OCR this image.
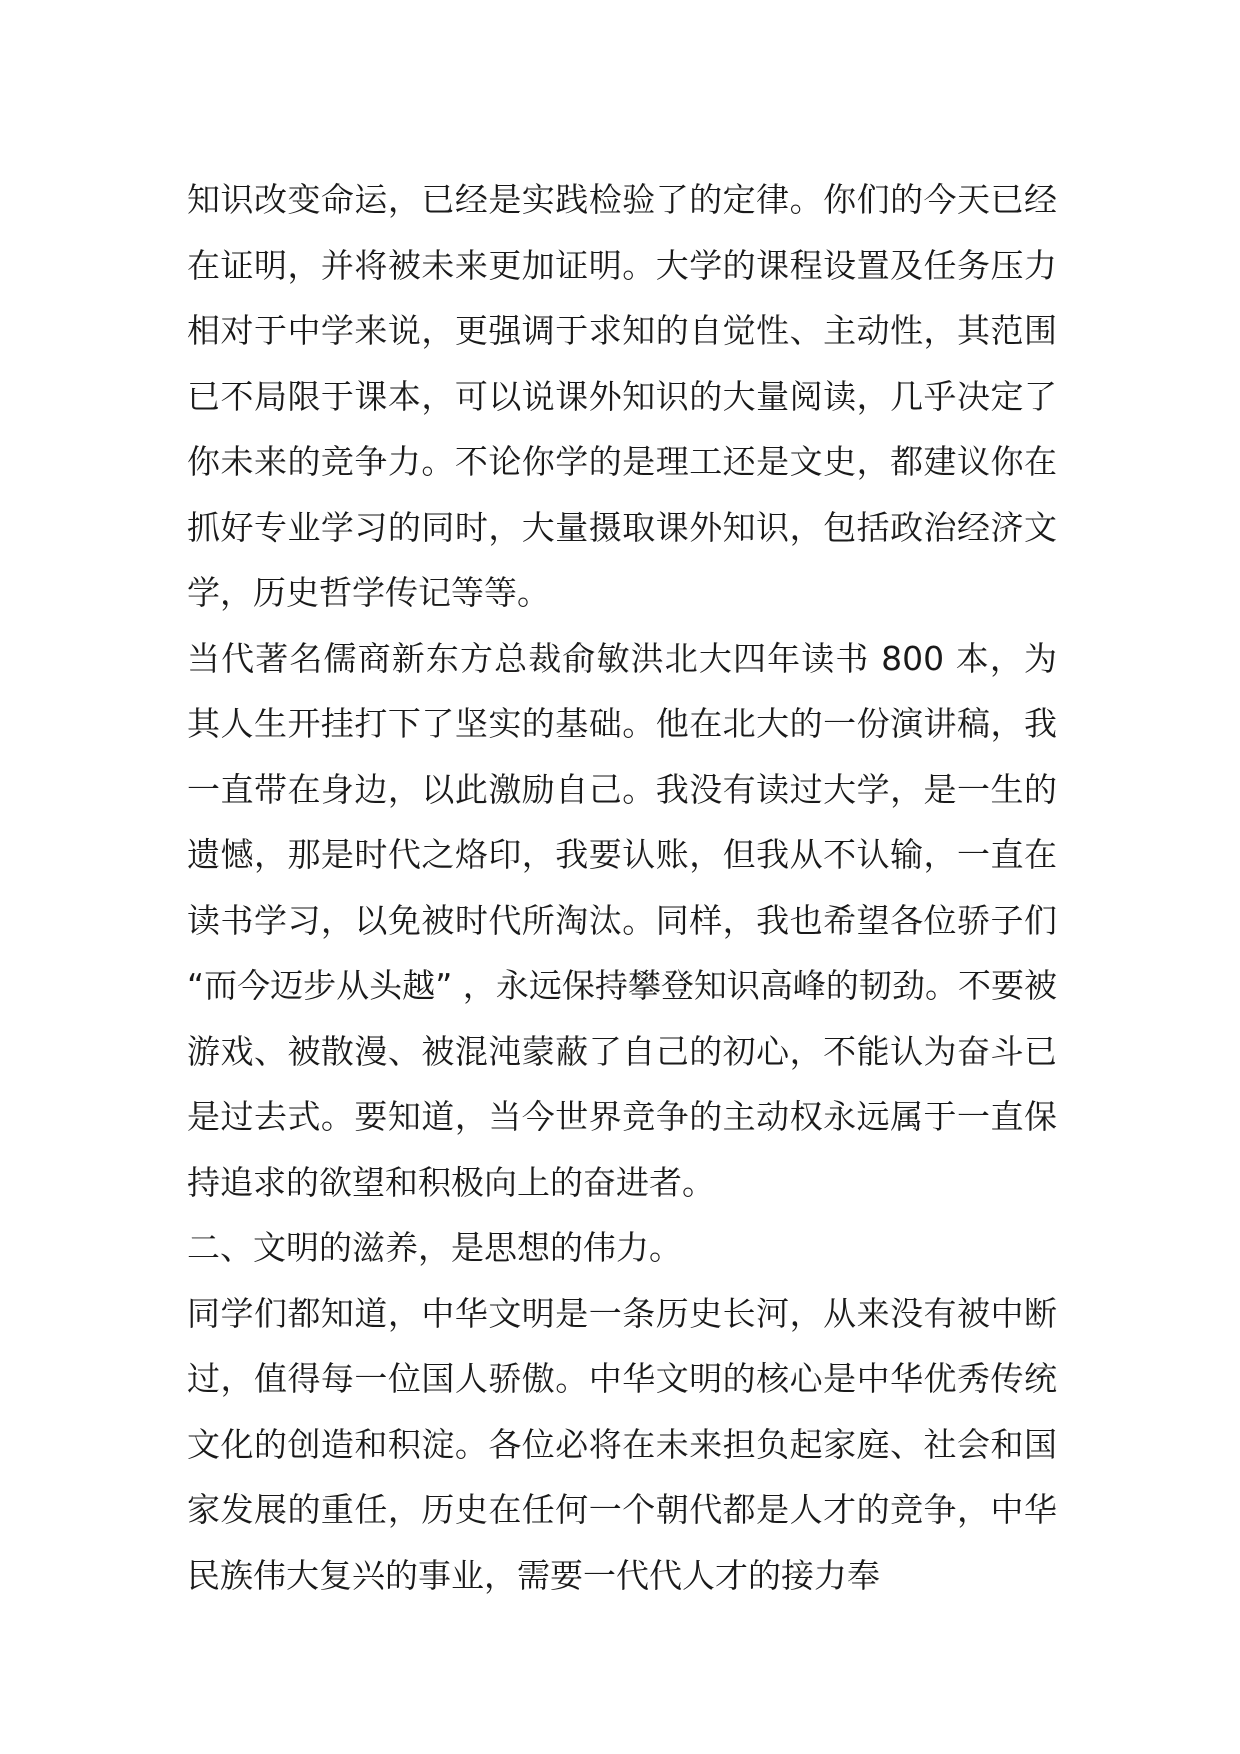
知识改变命运，已经是实践检验了的定律。你们的今天已经在证明，并将被未来更加证明。大学的课程设置及任务压力相对于中学来说，更强调于求知的自觉性、主动性，其范围已不局限于课本，可以说课外知识的大量阅读，几乎决定了你未来的竞争力。不论你学的是理工还是文史，都建议你在抓好专业学习的同时，大量摄取课外知识，包括政治经济文学，历史哲学传记等等。

当代著名儒商新东方总裁俞敏洪北大四年读书 800 本，为其人生开挂打下了坚实的基础。他在北大的一份演讲稿，我一直带在身边，以此激励自己。我没有读过大学，是一生的遗憾，那是时代之烙印，我要认账，但我从不认输，一直在读书学习，以免被时代所淘汰。同样，我也希望各位骄子们“而今迈步从头越” ，永远保持攀登知识高峰的韧劲。不要被游戏、被散漫、被混沌蒙蔽了自己的初心，不能认为奋斗已是过去式。要知道，当今世界竞争的主动权永远属于一直保持追求的欲望和积极向上的奋进者。

二、文明的滋养，是思想的伟力。

同学们都知道，中华文明是一条历史长河，从来没有被中断过，值得每一位国人骄傲。中华文明的核心是中华优秀传统文化的创造和积淀。各位必将在未来担负起家庭、社会和国家发展的重任，历史在任何一个朝代都是人才的竞争，中华民族伟大复兴的事业，需要一代代人才的接力奉
